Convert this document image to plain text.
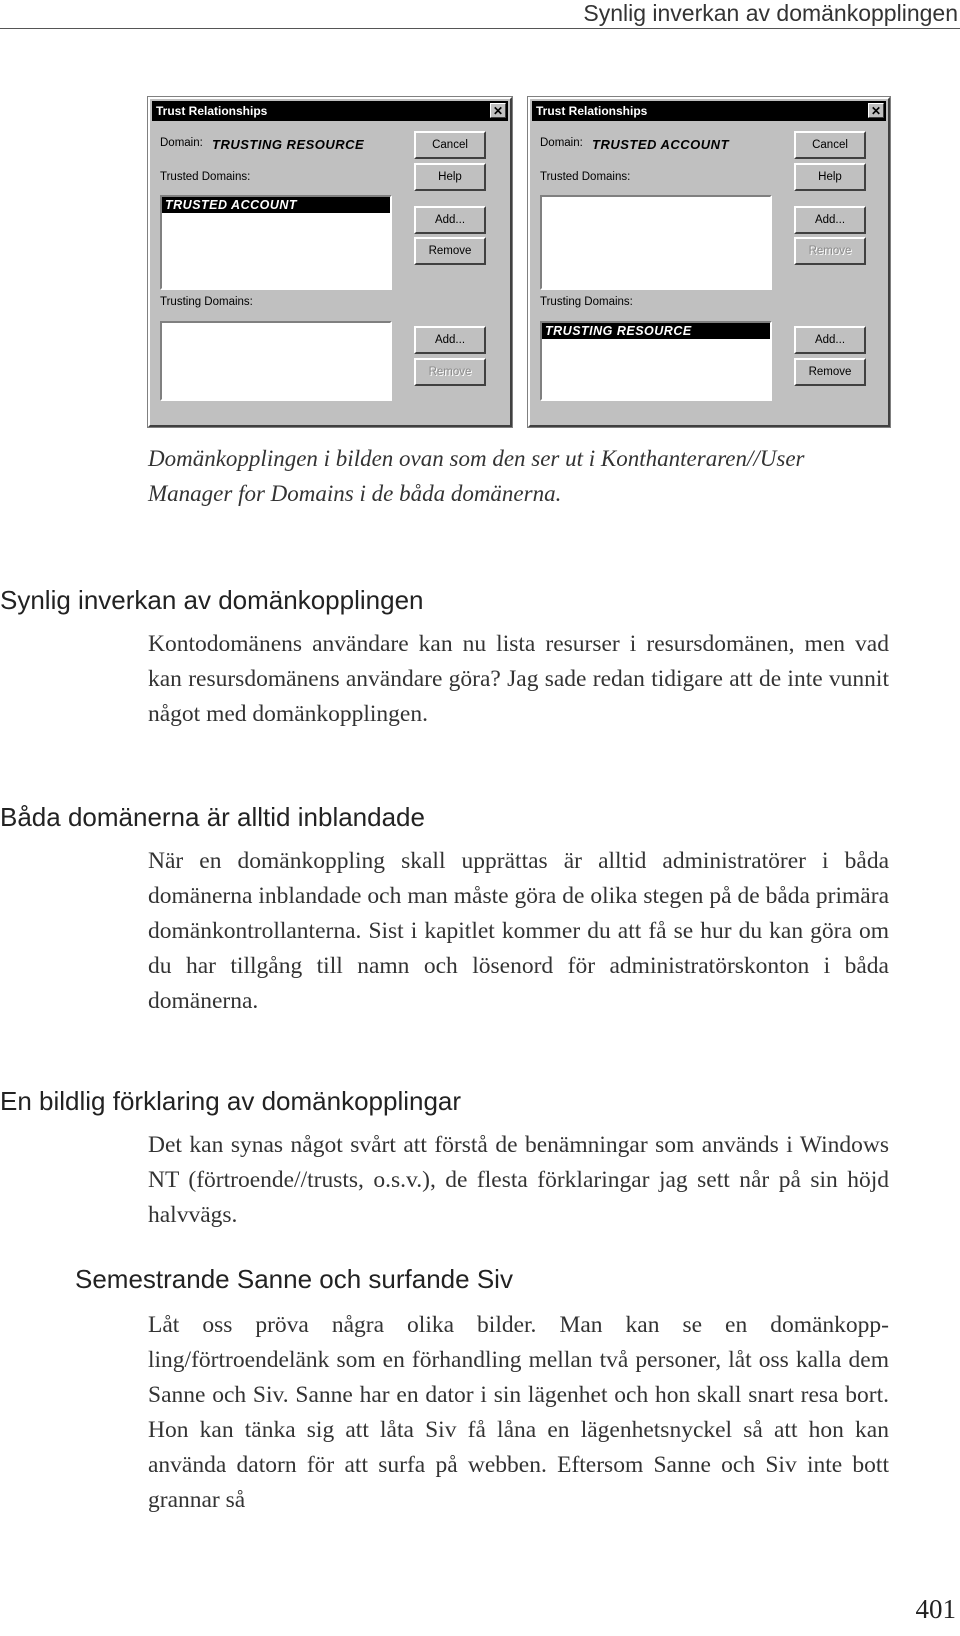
Synlig inverkan av domänkopplingen
Trust Relationships	✕
Domain: TRUSTING RESOURCE
Trusted Domains:
TRUSTED ACCOUNT
Trusting Domains:
Cancel
Help
Add...
Remove
Add...
Remove
Trust Relationships	✕
Domain: TRUSTED ACCOUNT
Trusted Domains:
Trusting Domains:
TRUSTING RESOURCE
Cancel
Help
Add...
Remove
Add...
Remove
Domänkopplingen i bilden ovan som den ser ut i Konthanteraren//User Manager for Domains i de båda domänerna.
Synlig inverkan av domänkopplingen
Kontodomänens användare kan nu lista resurser i resursdomänen, men vad kan resursdomänens användare göra? Jag sade redan tidigare att de inte vunnit något med domänkopplingen.
Båda domänerna är alltid inblandade
När en domänkoppling skall upprättas är alltid administratörer i båda domänerna inblandade och man måste göra de olika stegen på de båda primära domänkontrollanterna. Sist i kapitlet kommer du att få se hur du kan göra om du har tillgång till namn och lösenord för administratörskonton i båda domänerna.
En bildlig förklaring av domänkopplingar
Det kan synas något svårt att förstå de benämningar som används i Windows NT (förtroende//trusts, o.s.v.), de flesta förklaringar jag sett når på sin höjd halvvägs.
Semestrande Sanne och surfande Siv
Låt oss pröva några olika bilder. Man kan se en domänkopp-ling/förtroendelänk som en förhandling mellan två personer, låt oss kalla dem Sanne och Siv. Sanne har en dator i sin lägenhet och hon skall snart resa bort. Hon kan tänka sig att låta Siv få låna en lägenhetsnyckel så att hon kan använda datorn för att surfa på webben. Eftersom Sanne och Siv inte bott grannar så
401
